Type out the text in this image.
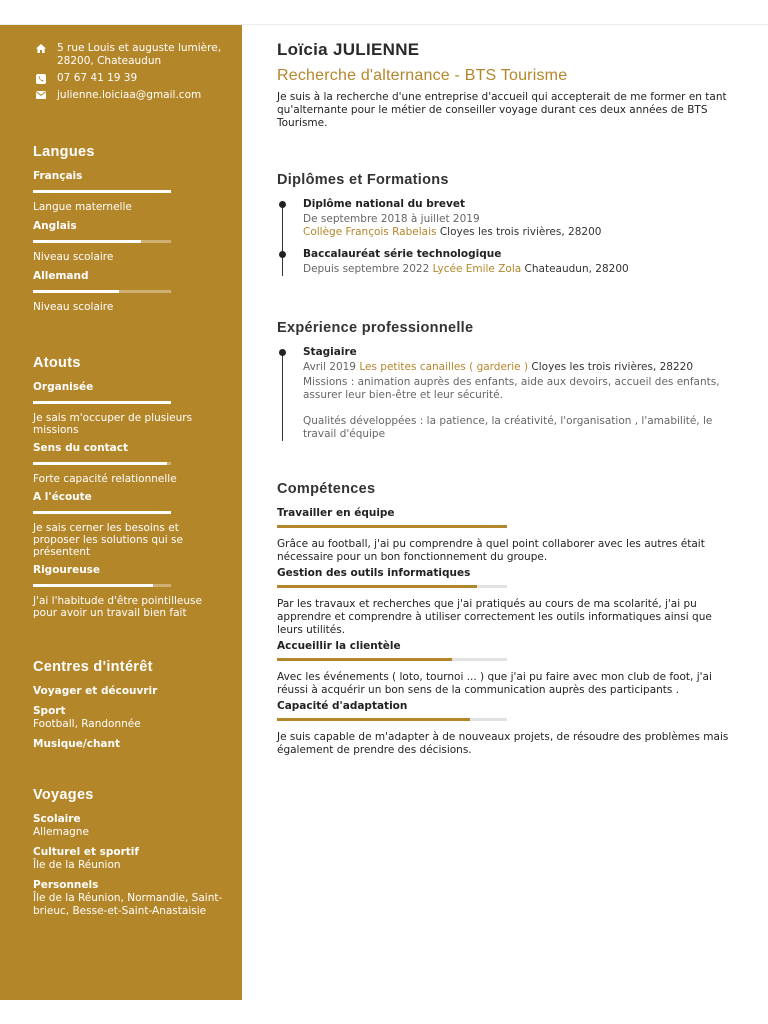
5 rue Louis et auguste lumière, 28200, Chateaudun
07 67 41 19 39
julienne.loiciaa@gmail.com
Langues
Français
Langue maternelle
Anglais
Niveau scolaire
Allemand
Niveau scolaire
Atouts
Organisée
Je sais m'occuper de plusieurs missions
Sens du contact
Forte capacité relationnelle
A l'écoute
Je sais cerner les besoins et proposer les solutions qui se présentent
Rigoureuse
J'ai l'habitude d'être pointilleuse pour avoir un travail bien fait
Centres d'intérêt
Voyager et découvrir
Sport
Football, Randonnée
Musique/chant
Voyages
Scolaire
Allemagne
Culturel et sportif
Île de la Réunion
Personnels
Île de la Réunion, Normandie, Saint-brieuc, Besse-et-Saint-Anastaisie
Loïcia JULIENNE
Recherche d'alternance - BTS Tourisme
Je suis à la recherche d'une entreprise d'accueil qui accepterait de me former en tant qu'alternante pour le métier de conseiller voyage durant ces deux années de BTS Tourisme.
Diplômes et Formations
Diplôme national du brevet
De septembre 2018 à juillet 2019
Collège François Rabelais Cloyes les trois rivières, 28200
Baccalauréat série technologique
Depuis septembre 2022 Lycée Emile Zola Chateaudun, 28200
Expérience professionnelle
Stagiaire
Avril 2019 Les petites canailles ( garderie ) Cloyes les trois rivières, 28220
Missions : animation auprès des enfants, aide aux devoirs, accueil des enfants, assurer leur bien-être et leur sécurité.
Qualités développées : la patience, la créativité, l'organisation , l'amabilité, le travail d'équipe
Compétences
Travailler en équipe
Grâce au football, j'ai pu comprendre à quel point collaborer avec les autres était nécessaire pour un bon fonctionnement du groupe.
Gestion des outils informatiques
Par les travaux et recherches que j'ai pratiqués au cours de ma scolarité, j'ai pu apprendre et comprendre à utiliser correctement les outils informatiques ainsi que leurs utilités.
Accueillir la clientèle
Avec les événements ( loto, tournoi ... ) que j'ai pu faire avec mon club de foot, j'ai réussi à acquérir un bon sens de la communication auprès des participants .
Capacité d'adaptation
Je suis capable de m'adapter à de nouveaux projets, de résoudre des problèmes mais également de prendre des décisions.
